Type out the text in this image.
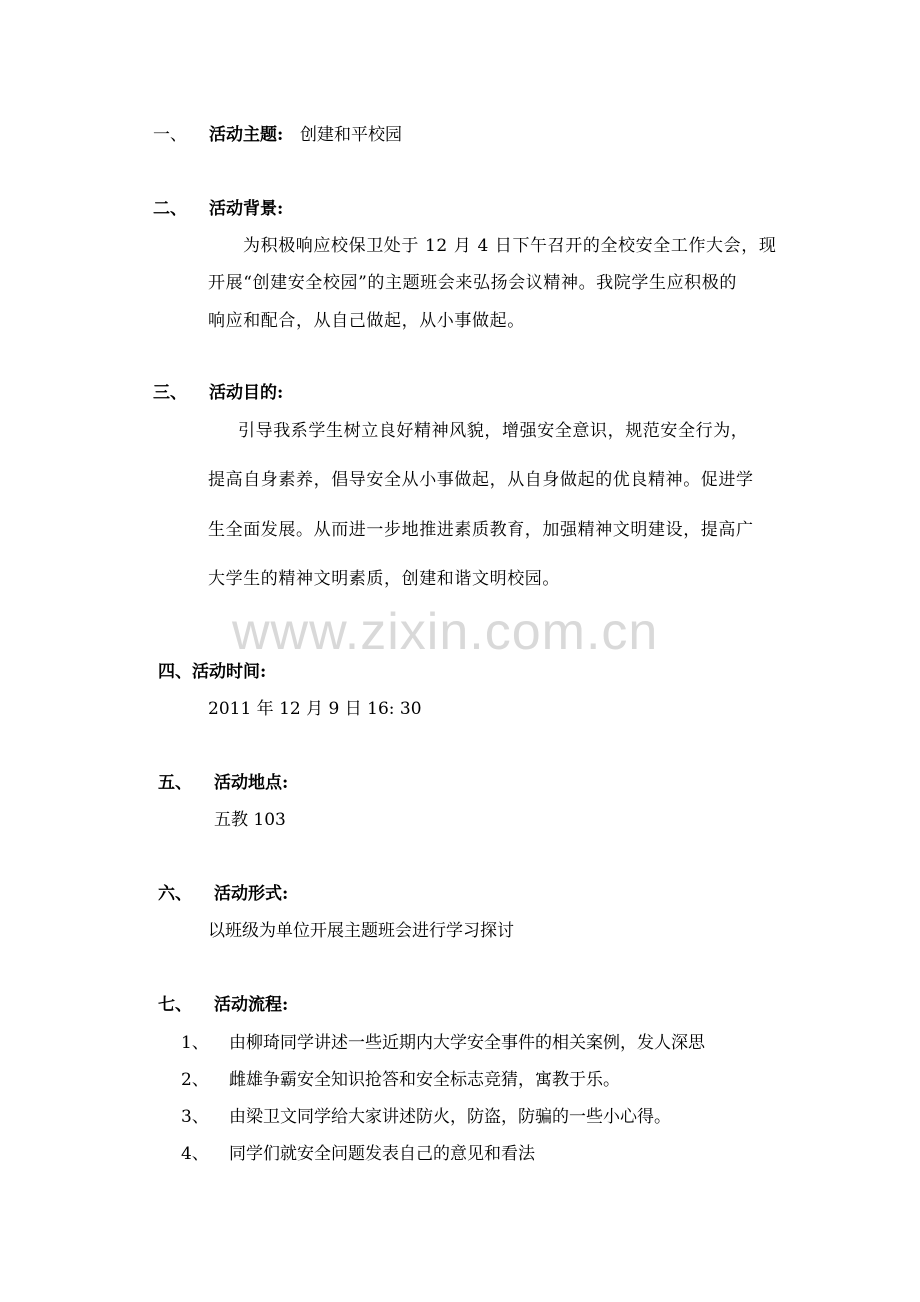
www.zixin.com.cn
一、 活动主题: 创建和平校园
二、 活动背景:
为积极响应校保卫处于 12 月 4 日下午召开的全校安全工作大会，现
开展“创建安全校园”的主题班会来弘扬会议精神。我院学生应积极的
响应和配合，从自己做起，从小事做起。
三、 活动目的:
引导我系学生树立良好精神风貌，增强安全意识，规范安全行为，
提高自身素养，倡导安全从小事做起，从自身做起的优良精神。促进学
生全面发展。从而进一步地推进素质教育，加强精神文明建设，提高广
大学生的精神文明素质，创建和谐文明校园。
四、活动时间:
2011 年 12 月 9 日 16: 30
五、 活动地点:
五教 103
六、 活动形式:
以班级为单位开展主题班会进行学习探讨
七、 活动流程:
1、 由柳琦同学讲述一些近期内大学安全事件的相关案例，发人深思
2、 雌雄争霸安全知识抢答和安全标志竞猜，寓教于乐。
3、 由梁卫文同学给大家讲述防火，防盗，防骗的一些小心得。
4、 同学们就安全问题发表自己的意见和看法
